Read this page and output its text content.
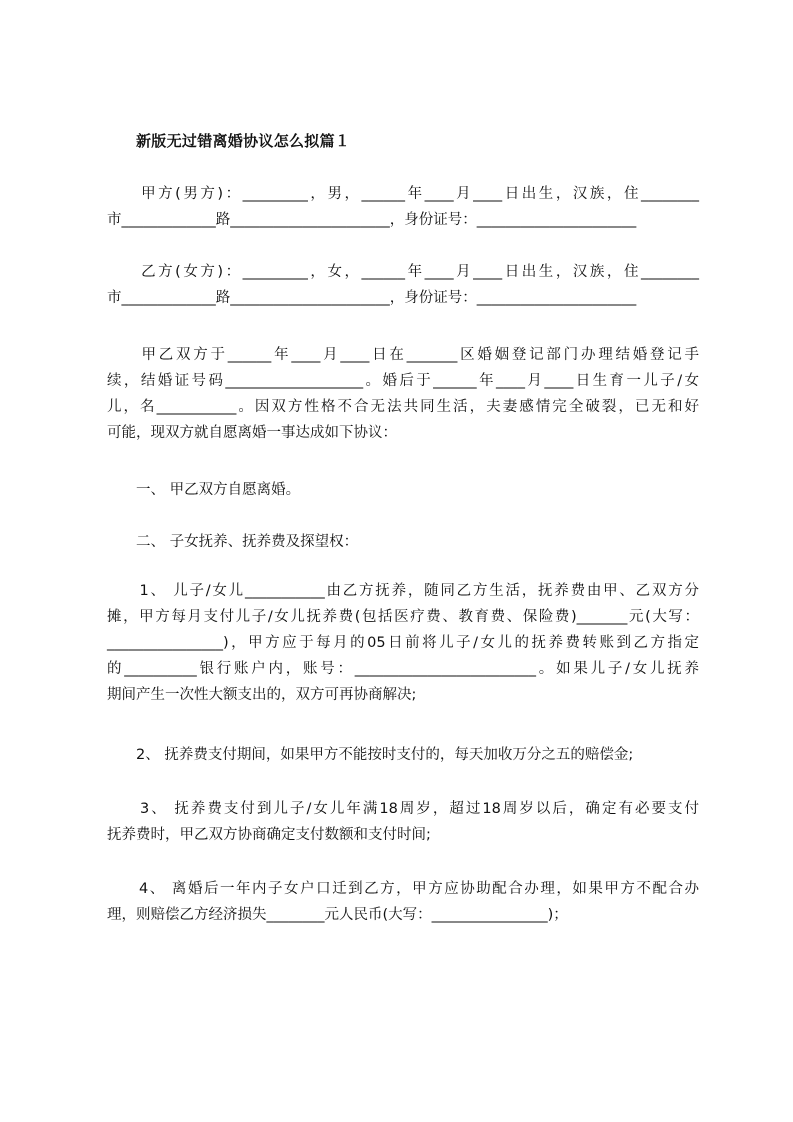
新版无过错离婚协议怎么拟篇１
　　甲方(男方)：_________，男，______年____月____日出生，汉族，住________
市_____________路______________________，身份证号：______________________
　　乙方(女方)：_________，女，______年____月____日出生，汉族，住________
市_____________路______________________，身份证号：______________________
　　甲乙双方于______年____月____日在_______区婚姻登记部门办理结婚登记手
续，结婚证号码___________________。婚后于______年____月____日生育一儿子/女
儿，名___________。因双方性格不合无法共同生活，夫妻感情完全破裂，已无和好
可能，现双方就自愿离婚一事达成如下协议：
　　一、 甲乙双方自愿离婚。
　　二、 子女抚养、抚养费及探望权：
　　1、 儿子/女儿___________由乙方抚养，随同乙方生活，抚养费由甲、乙双方分
摊，甲方每月支付儿子/女儿抚养费(包括医疗费、教育费、保险费)_______元(大写：
________________)，甲方应于每月的05日前将儿子/女儿的抚养费转账到乙方指定
的__________银行账户内，账号：_________________________。如果儿子/女儿抚养
期间产生一次性大额支出的，双方可再协商解决;
　　2、 抚养费支付期间，如果甲方不能按时支付的，每天加收万分之五的赔偿金;
　　3、 抚养费支付到儿子/女儿年满18周岁，超过18周岁以后，确定有必要支付
抚养费时，甲乙双方协商确定支付数额和支付时间;
　　4、 离婚后一年内子女户口迁到乙方，甲方应协助配合办理，如果甲方不配合办
理，则赔偿乙方经济损失________元人民币(大写：________________)；
